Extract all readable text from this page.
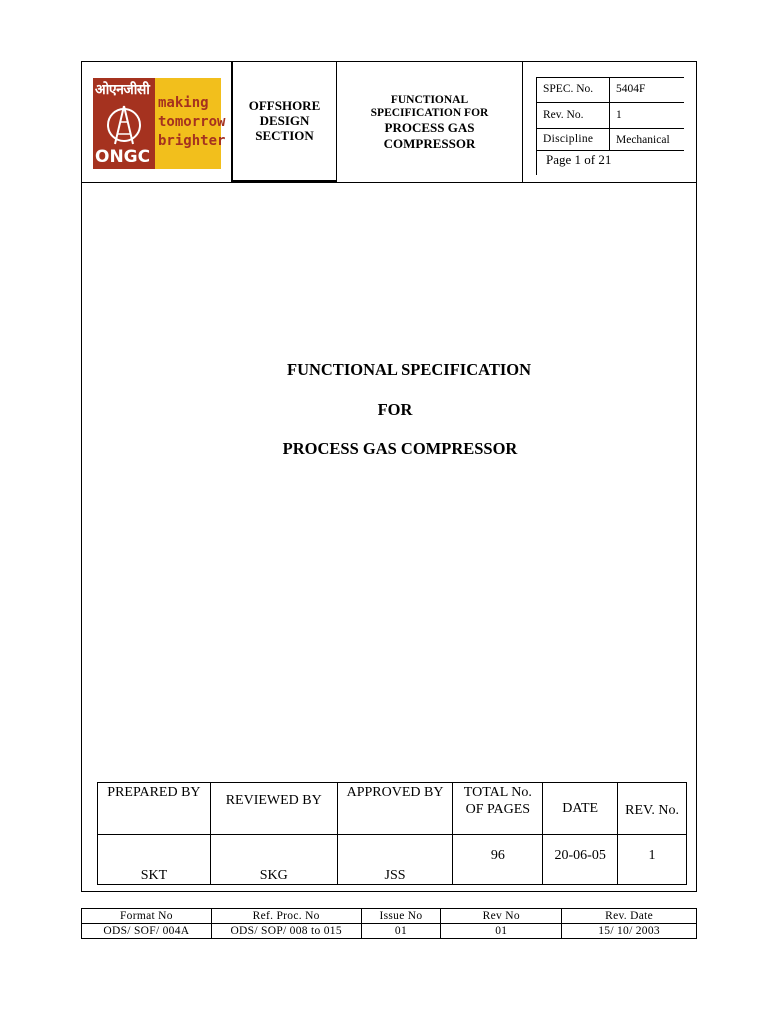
making
tomorrow
brighter
ओएनजीसी
ONGC
OFFSHORE
DESIGN
SECTION
FUNCTIONAL
SPECIFICATION FOR
PROCESS GAS
COMPRESSOR
SPEC. No. 5404F
Rev. No.	1
Discipline Mechanical
Page 1 of 21
FUNCTIONAL SPECIFICATION
FOR
PROCESS GAS COMPRESSOR
PREPARED BY	REVIEWED BY	APPROVED BY	TOTAL No. OF PAGES	DATE	REV. No.
SKT	SKG	JSS	96	20-06-05	1
Format No	Ref. Proc. No	Issue No	Rev No	Rev. Date
ODS/ SOF/ 004A	ODS/ SOP/ 008 to 015	01	01	15/ 10/ 2003
